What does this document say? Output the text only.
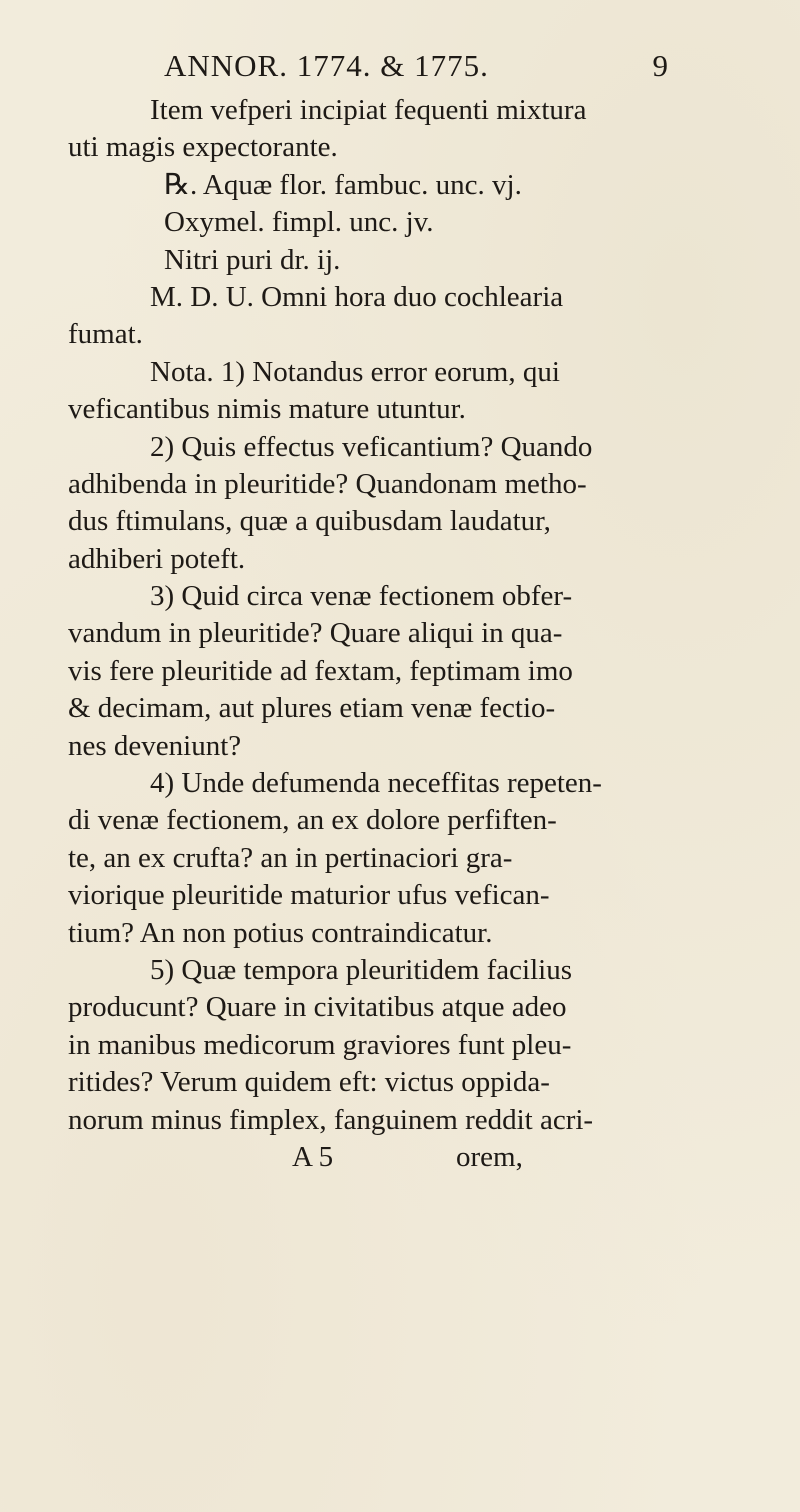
ANNOR. 1774. & 1775.	9
Item vefperi incipiat fequenti mixtura
uti magis expectorante.
℞. Aquæ flor. fambuc. unc. vj.
Oxymel. fimpl. unc. jv.
Nitri puri dr. ij.
M. D. U. Omni hora duo cochlearia
fumat.
Nota. 1) Notandus error eorum, qui
veficantibus nimis mature utuntur.
2) Quis effectus veficantium? Quando
adhibenda in pleuritide? Quandonam metho-
dus ftimulans, quæ a quibusdam laudatur,
adhiberi poteft.
3) Quid circa venæ fectionem obfer-
vandum in pleuritide? Quare aliqui in qua-
vis fere pleuritide ad fextam, feptimam imo
& decimam, aut plures etiam venæ fectio-
nes deveniunt?
4) Unde defumenda neceffitas repeten-
di venæ fectionem, an ex dolore perfiften-
te, an ex crufta? an in pertinaciori gra-
viorique pleuritide maturior ufus vefican-
tium? An non potius contraindicatur.
5) Quæ tempora pleuritidem facilius
producunt? Quare in civitatibus atque adeo
in manibus medicorum graviores funt pleu-
ritides? Verum quidem eft: victus oppida-
norum minus fimplex, fanguinem reddit acri-
A 5	orem,
